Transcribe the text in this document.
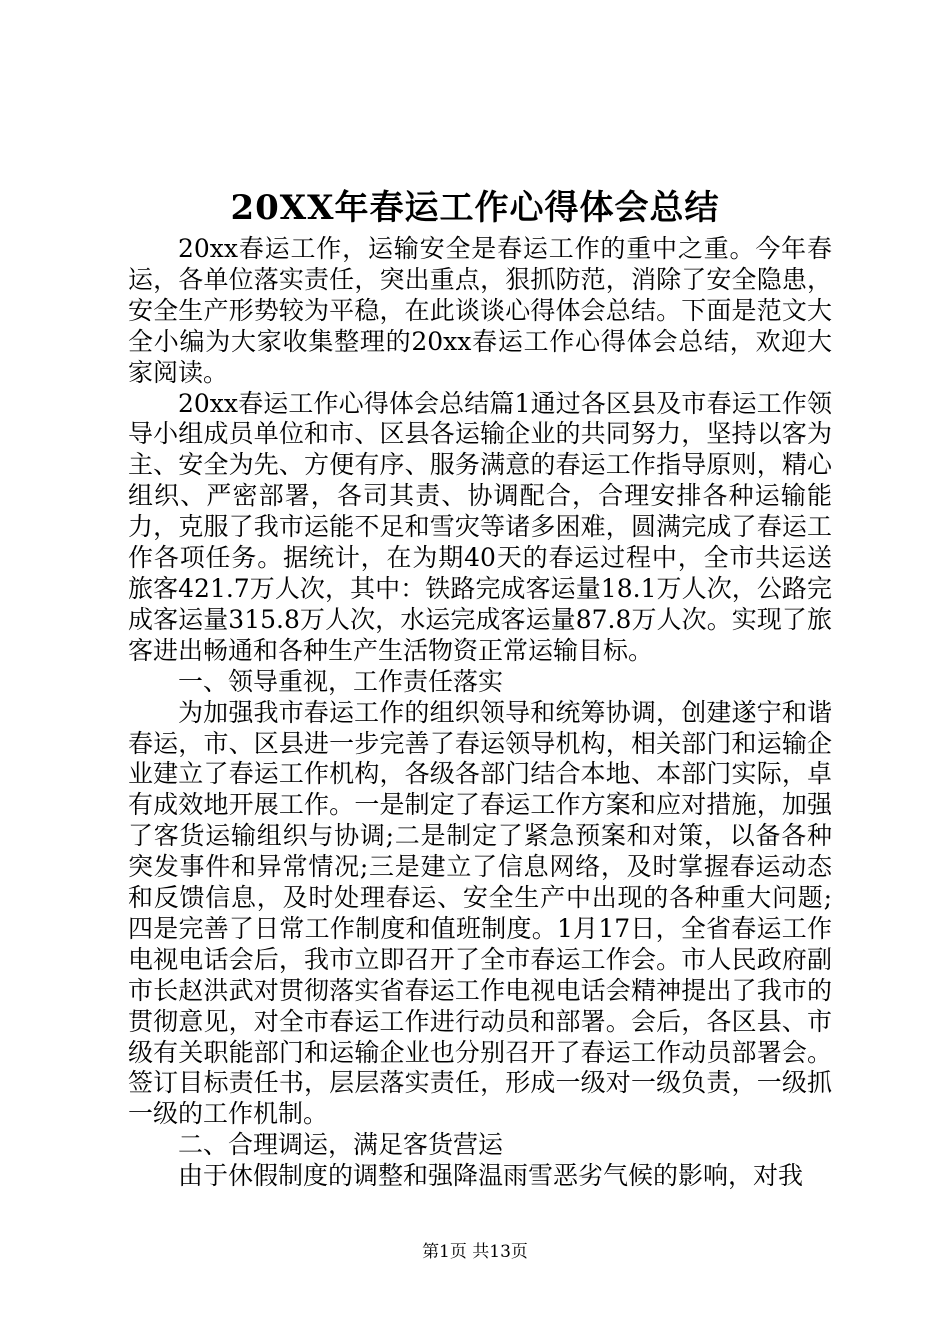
20XX年春运工作心得体会总结

20xx春运工作，运输安全是春运工作的重中之重。今年春运，各单位落实责任，突出重点，狠抓防范，消除了安全隐患，安全生产形势较为平稳，在此谈谈心得体会总结。下面是范文大全小编为大家收集整理的20xx春运工作心得体会总结，欢迎大家阅读。

20xx春运工作心得体会总结篇1通过各区县及市春运工作领导小组成员单位和市、区县各运输企业的共同努力，坚持以客为主、安全为先、方便有序、服务满意的春运工作指导原则，精心组织、严密部署，各司其责、协调配合，合理安排各种运输能力，克服了我市运能不足和雪灾等诸多困难，圆满完成了春运工作各项任务。据统计，在为期40天的春运过程中，全市共运送旅客421.7万人次，其中：铁路完成客运量18.1万人次，公路完成客运量315.8万人次，水运完成客运量87.8万人次。实现了旅客进出畅通和各种生产生活物资正常运输目标。

一、领导重视，工作责任落实

为加强我市春运工作的组织领导和统筹协调，创建遂宁和谐春运，市、区县进一步完善了春运领导机构，相关部门和运输企业建立了春运工作机构，各级各部门结合本地、本部门实际，卓有成效地开展工作。一是制定了春运工作方案和应对措施，加强了客货运输组织与协调;二是制定了紧急预案和对策，以备各种突发事件和异常情况;三是建立了信息网络，及时掌握春运动态和反馈信息，及时处理春运、安全生产中出现的各种重大问题;四是完善了日常工作制度和值班制度。1月17日，全省春运工作电视电话会后，我市立即召开了全市春运工作会。市人民政府副市长赵洪武对贯彻落实省春运工作电视电话会精神提出了我市的贯彻意见，对全市春运工作进行动员和部署。会后，各区县、市级有关职能部门和运输企业也分别召开了春运工作动员部署会。签订目标责任书，层层落实责任，形成一级对一级负责，一级抓一级的工作机制。

二、合理调运，满足客货营运

由于休假制度的调整和强降温雨雪恶劣气候的影响，对我

第1页 共13页
